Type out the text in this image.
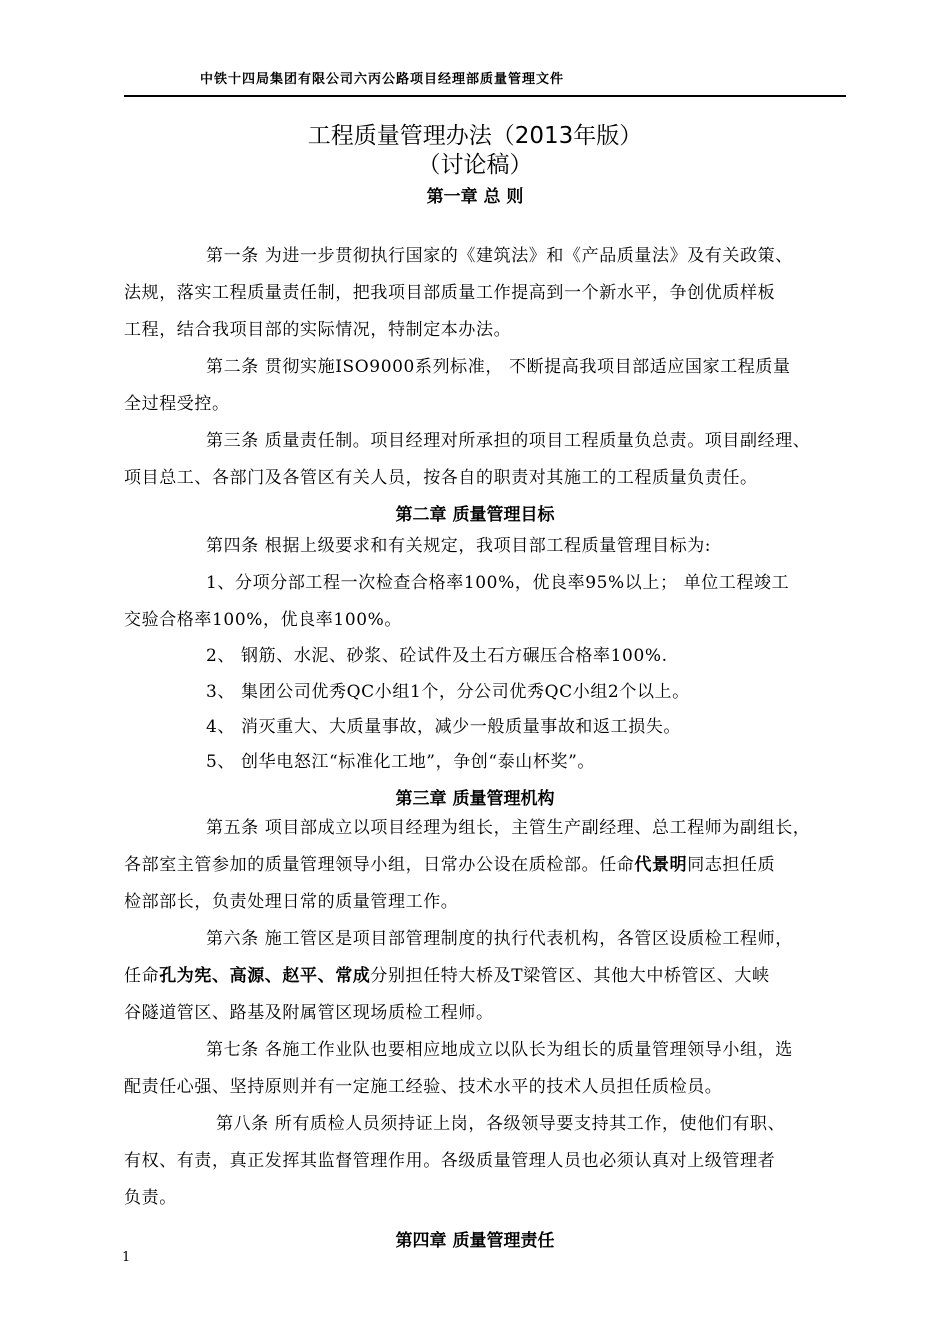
中铁十四局集团有限公司六丙公路项目经理部质量管理文件
工程质量管理办法（2013年版）
（讨论稿）
第一章 总 则
第一条 为进一步贯彻执行国家的《建筑法》和《产品质量法》及有关政策、
法规，落实工程质量责任制，把我项目部质量工作提高到一个新水平，争创优质样板
工程，结合我项目部的实际情况，特制定本办法。
第二条 贯彻实施ISO9000系列标准， 不断提高我项目部适应国家工程质量
全过程受控。
第三条 质量责任制。项目经理对所承担的项目工程质量负总责。项目副经理、
项目总工、各部门及各管区有关人员，按各自的职责对其施工的工程质量负责任。
第二章 质量管理目标
第四条 根据上级要求和有关规定，我项目部工程质量管理目标为:
1、分项分部工程一次检查合格率100%，优良率95%以上； 单位工程竣工
交验合格率100%，优良率100%。
2、 钢筋、水泥、砂浆、砼试件及土石方碾压合格率100%.
3、 集团公司优秀QC小组1个，分公司优秀QC小组2个以上。
4、 消灭重大、大质量事故，减少一般质量事故和返工损失。
5、 创华电怒江“标准化工地”，争创“泰山杯奖”。
第三章 质量管理机构
第五条 项目部成立以项目经理为组长，主管生产副经理、总工程师为副组长，
各部室主管参加的质量管理领导小组，日常办公设在质检部。任命代景明同志担任质
检部部长，负责处理日常的质量管理工作。
第六条 施工管区是项目部管理制度的执行代表机构，各管区设质检工程师，
任命孔为宪、高源、赵平、常成分别担任特大桥及T梁管区、其他大中桥管区、大峡
谷隧道管区、路基及附属管区现场质检工程师。
第七条 各施工作业队也要相应地成立以队长为组长的质量管理领导小组，选
配责任心强、坚持原则并有一定施工经验、技术水平的技术人员担任质检员。
第八条 所有质检人员须持证上岗，各级领导要支持其工作，使他们有职、
有权、有责，真正发挥其监督管理作用。各级质量管理人员也必须认真对上级管理者
负责。
第四章 质量管理责任
1
